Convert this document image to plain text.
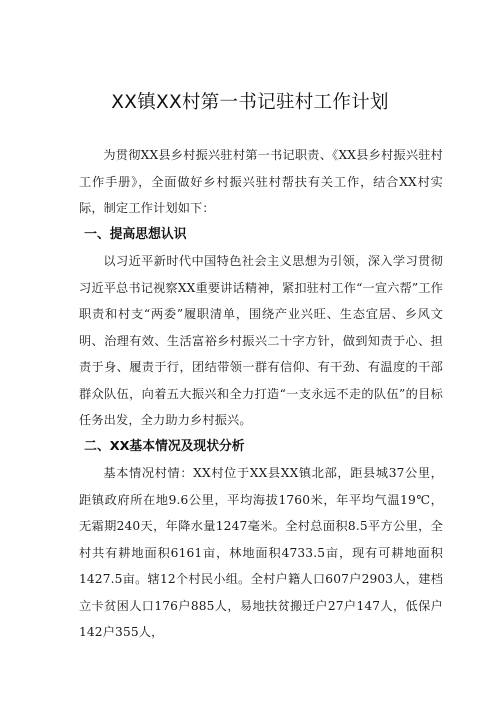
XX镇XX村第一书记驻村工作计划

为贯彻XX县乡村振兴驻村第一书记职责、《XX县乡村振兴驻村工作手册》，全面做好乡村振兴驻村帮扶有关工作，结合XX村实际，制定工作计划如下：

一、提高思想认识

以习近平新时代中国特色社会主义思想为引领，深入学习贯彻习近平总书记视察XX重要讲话精神，紧扣驻村工作“一宣六帮”工作职责和村支“两委”履职清单，围绕产业兴旺、生态宜居、乡风文明、治理有效、生活富裕乡村振兴二十字方针，做到知责于心、担责于身、履责于行，团结带领一群有信仰、有干劲、有温度的干部群众队伍，向着五大振兴和全力打造“一支永远不走的队伍”的目标任务出发，全力助力乡村振兴。

二、XX基本情况及现状分析

基本情况村情：XX村位于XX县XX镇北部，距县城37公里，距镇政府所在地9.6公里，平均海拔1760米，年平均气温19℃，无霜期240天，年降水量1247毫米。全村总面积8.5平方公里，全村共有耕地面积6161亩，林地面积4733.5亩，现有可耕地面积1427.5亩。辖12个村民小组。全村户籍人口607户2903人，建档立卡贫困人口176户885人，易地扶贫搬迁户27户147人，低保户142户355人，
